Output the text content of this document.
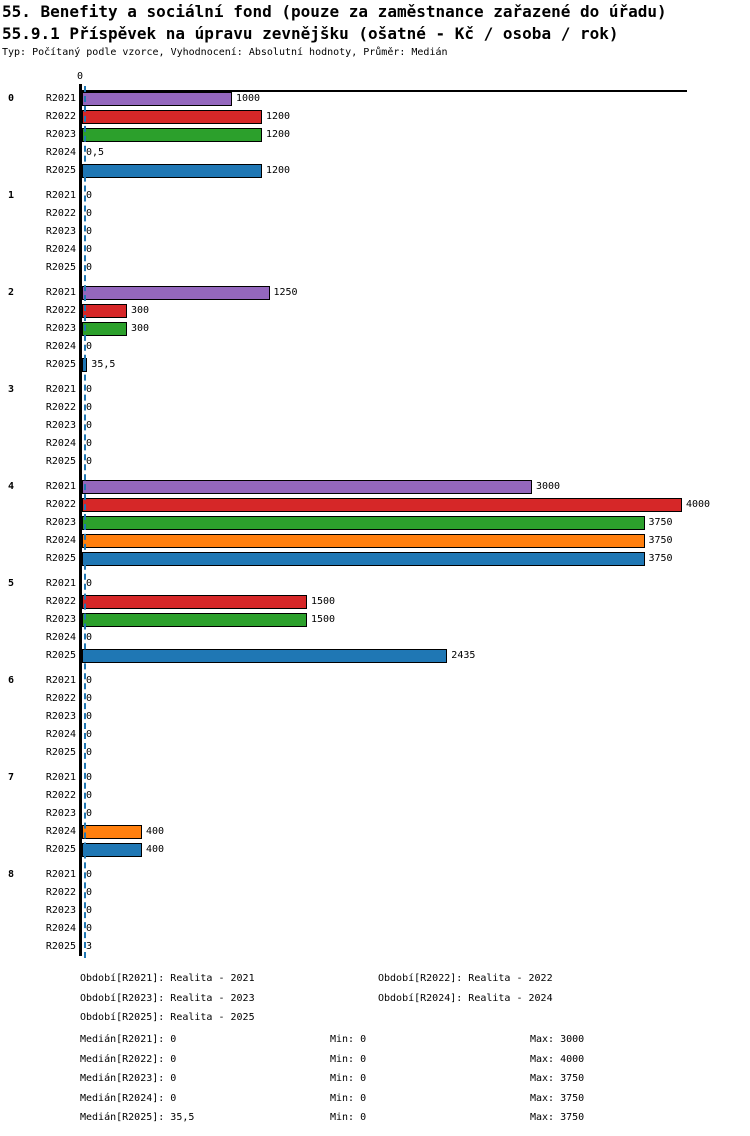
55. Benefity a sociální fond (pouze za zaměstnance zařazené do úřadu)
55.9.1 Příspěvek na úpravu zevnějšku (ošatné - Kč / osoba / rok)
Typ: Počítaný podle vzorce, Vyhodnocení: Absolutní hodnoty, Průměr: Medián
0
0	R2021	1000
R2022	1200
R2023	1200
R2024 0,5
R2025	1200
1	R2021 0
R2022 0
R2023 0
R2024 0
R2025 0
2	R2021	1250
R2022	300
R2023	300
R2024 0
R2025 35,5
3	R2021 0
R2022 0
R2023 0
R2024 0
R2025 0
4	R2021	3000
R2022	4000
R2023	3750
R2024	3750
R2025	3750
5	R2021 0
R2022	1500
R2023	1500
R2024 0
R2025	2435
6	R2021 0
R2022 0
R2023 0
R2024 0
R2025 0
7	R2021 0
R2022 0
R2023 0
R2024	400
R2025	400
8	R2021 0
R2022 0
R2023 0
R2024 0
R2025 3
Období[R2021]: Realita - 2021	Období[R2022]: Realita - 2022
Období[R2023]: Realita - 2023	Období[R2024]: Realita - 2024
Období[R2025]: Realita - 2025
Medián[R2021]: 0	Min: 0	Max: 3000
Medián[R2022]: 0	Min: 0	Max: 4000
Medián[R2023]: 0	Min: 0	Max: 3750
Medián[R2024]: 0	Min: 0	Max: 3750
Medián[R2025]: 35,5	Min: 0	Max: 3750
